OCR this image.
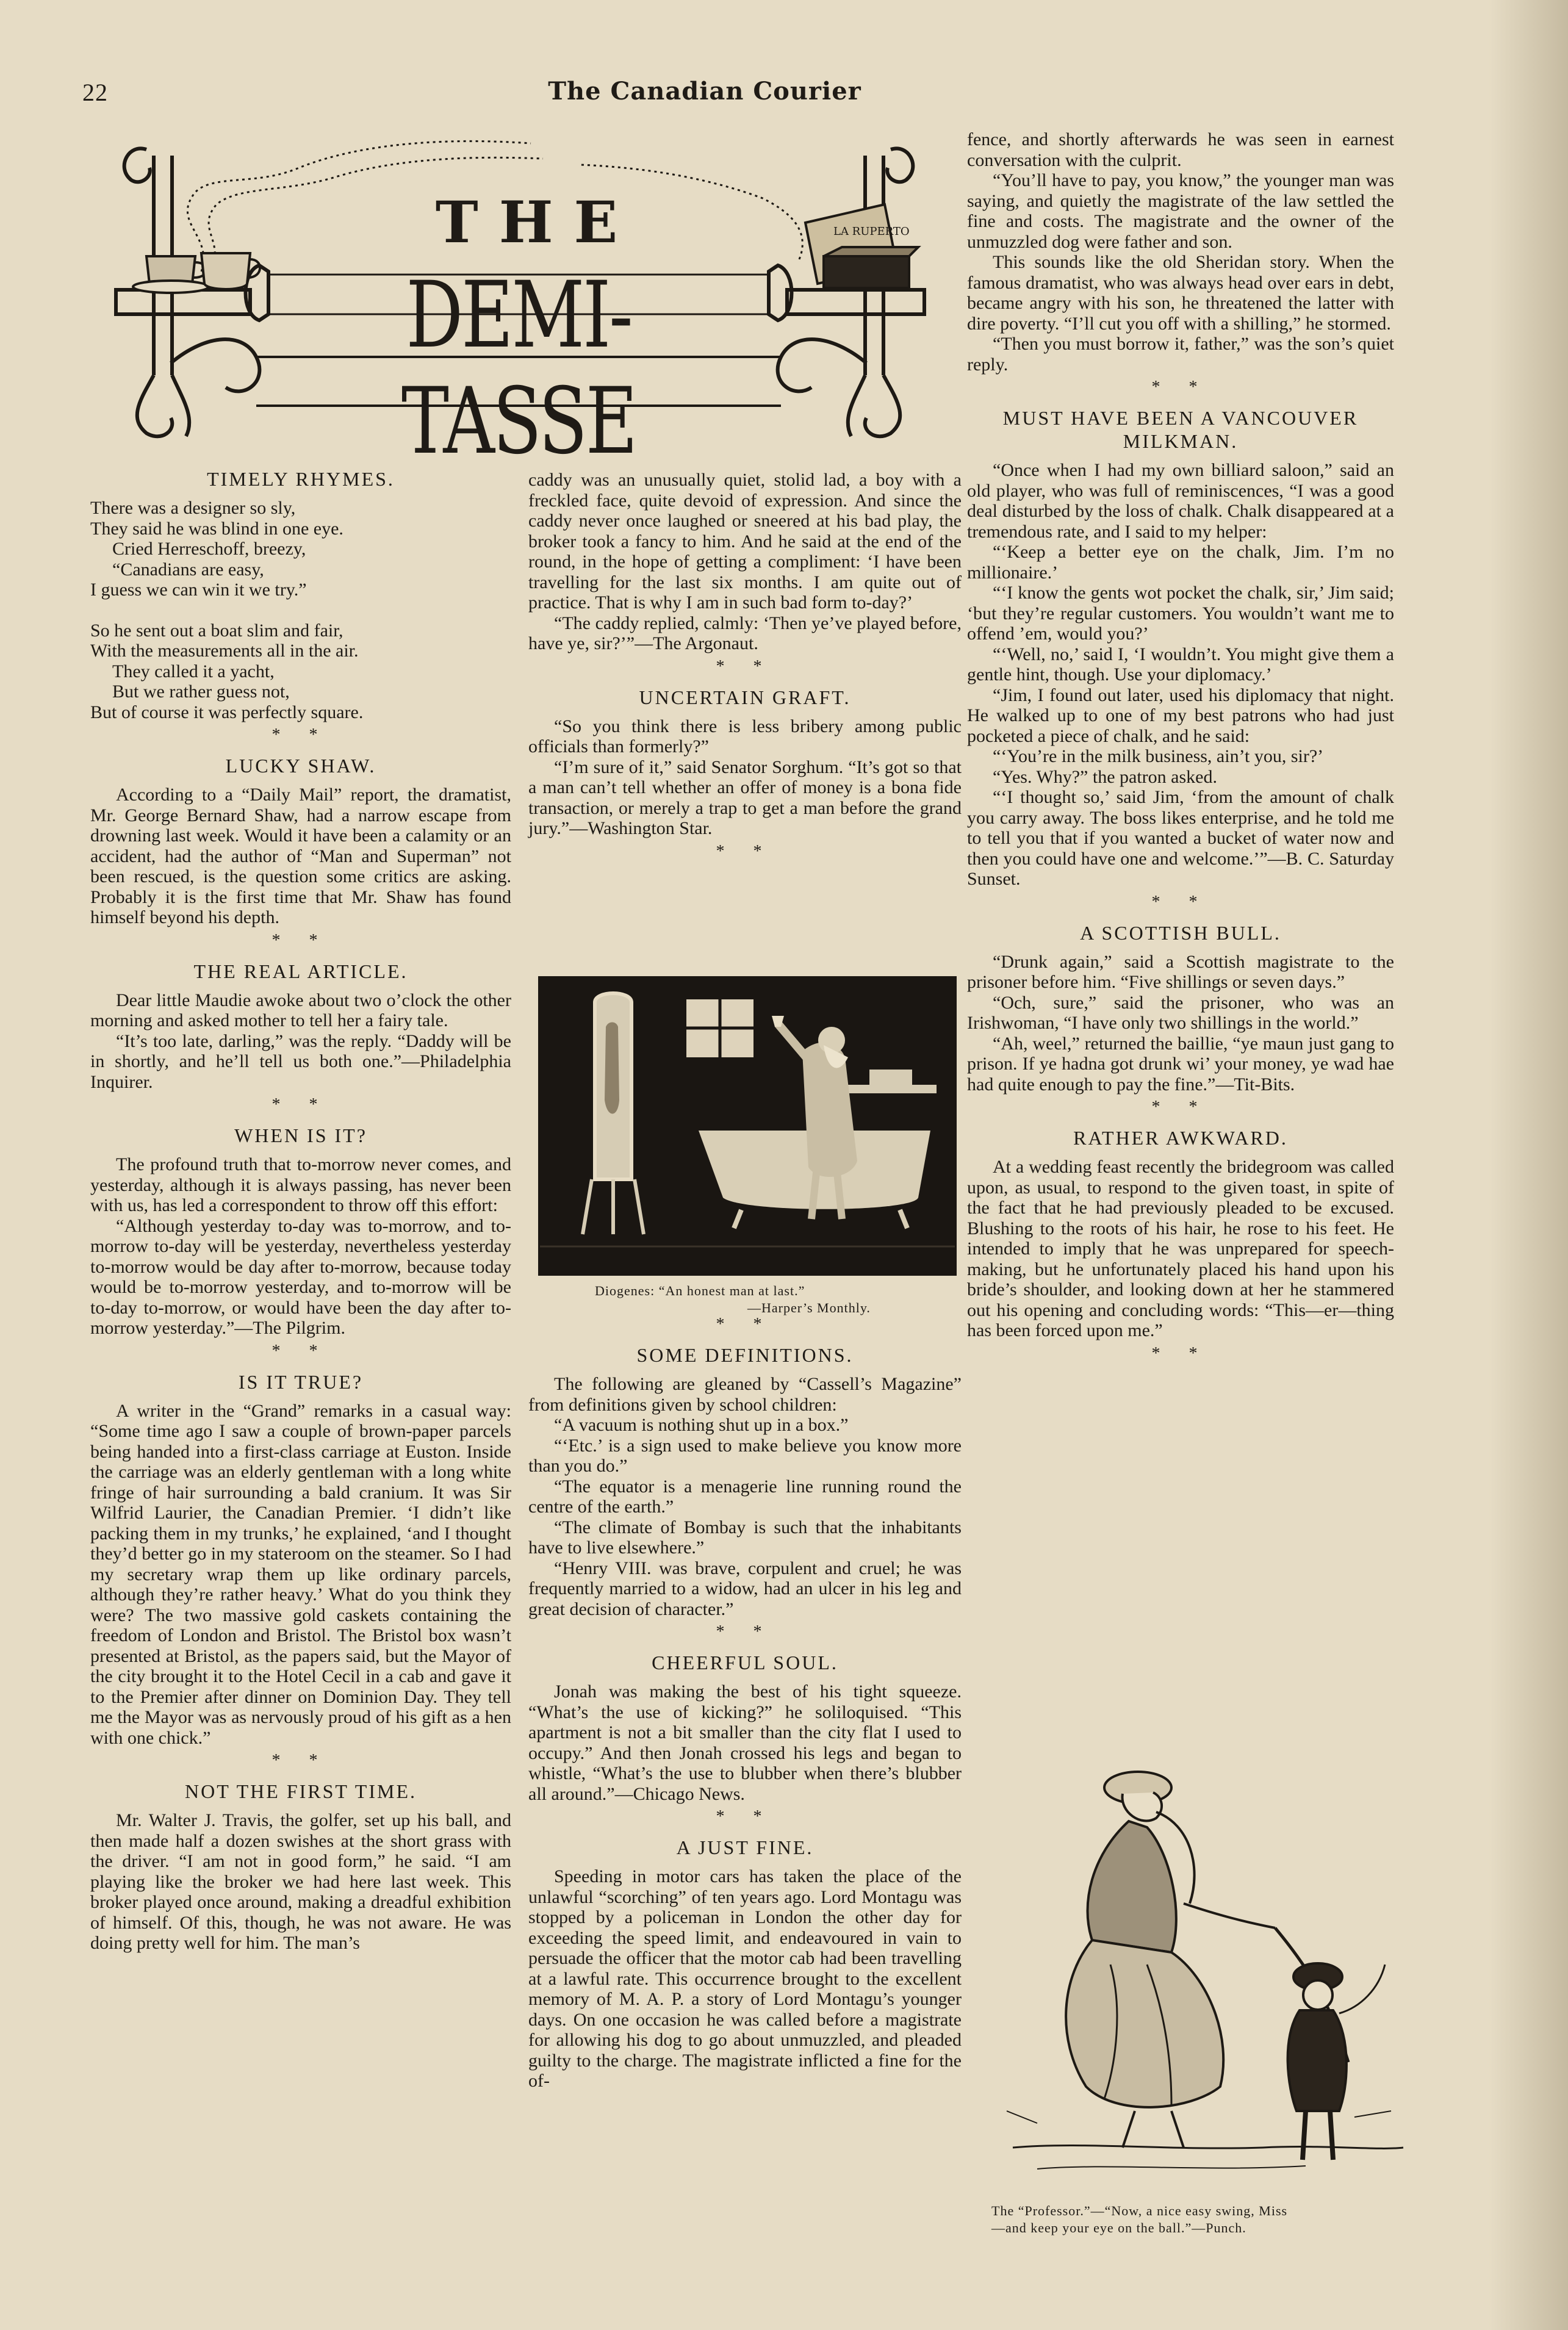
22	The Canadian Courier
LA RUPERTO
THE
DEMI-TASSE
TIMELY RHYMES.
There was a designer so sly,
They said he was blind in one eye.
Cried Herreschoff, breezy,
“Canadians are easy,
I guess we can win it we try.”
So he sent out a boat slim and fair,
With the measurements all in the air.
They called it a yacht,
But we rather guess not,
But of course it was perfectly square.
* *
LUCKY SHAW.

According to a “Daily Mail” report, the dramatist, Mr. George Bernard Shaw, had a narrow escape from drowning last week. Would it have been a calamity or an accident, had the author of “Man and Superman” not been rescued, is the question some critics are asking. Probably it is the first time that Mr. Shaw has found himself beyond his depth.

* *
THE REAL ARTICLE.

Dear little Maudie awoke about two o’clock the other morning and asked mother to tell her a fairy tale.

“It’s too late, darling,” was the reply. “Daddy will be in shortly, and he’ll tell us both one.”—Philadelphia Inquirer.

* *
WHEN IS IT?

The profound truth that to-morrow never comes, and yesterday, although it is always passing, has never been with us, has led a correspondent to throw off this effort:

“Although yesterday to-day was to-morrow, and to-morrow to-day will be yesterday, nevertheless yesterday to-morrow would be day after to-morrow, because today would be to-morrow yesterday, and to-morrow will be to-day to-morrow, or would have been the day after to-morrow yesterday.”—The Pilgrim.

* *
IS IT TRUE?

A writer in the “Grand” remarks in a casual way: “Some time ago I saw a couple of brown-paper parcels being handed into a first-class carriage at Euston. Inside the carriage was an elderly gentleman with a long white fringe of hair surrounding a bald cranium. It was Sir Wilfrid Laurier, the Canadian Premier. ‘I didn’t like packing them in my trunks,’ he explained, ‘and I thought they’d better go in my stateroom on the steamer. So I had my secretary wrap them up like ordinary parcels, although they’re rather heavy.’ What do you think they were? The two massive gold caskets containing the freedom of London and Bristol. The Bristol box wasn’t presented at Bristol, as the papers said, but the Mayor of the city brought it to the Hotel Cecil in a cab and gave it to the Premier after dinner on Dominion Day. They tell me the Mayor was as nervously proud of his gift as a hen with one chick.”

* *
NOT THE FIRST TIME.

Mr. Walter J. Travis, the golfer, set up his ball, and then made half a dozen swishes at the short grass with the driver. “I am not in good form,” he said. “I am playing like the broker we had here last week. This broker played once around, making a dreadful exhibition of himself. Of this, though, he was not aware. He was doing pretty well for him. The man’s

caddy was an unusually quiet, stolid lad, a boy with a freckled face, quite devoid of expression. And since the caddy never once laughed or sneered at his bad play, the broker took a fancy to him. And he said at the end of the round, in the hope of getting a compliment: ‘I have been travelling for the last six months. I am quite out of practice. That is why I am in such bad form to-day?’

“The caddy replied, calmly: ‘Then ye’ve played before, have ye, sir?’”—The Argonaut.

* *
UNCERTAIN GRAFT.

“So you think there is less bribery among public officials than formerly?”

“I’m sure of it,” said Senator Sorghum. “It’s got so that a man can’t tell whether an offer of money is a bona fide transaction, or merely a trap to get a man before the grand jury.”—Washington Star.

* *
* *
SOME DEFINITIONS.

The following are gleaned by “Cassell’s Magazine” from definitions given by school children:

“A vacuum is nothing shut up in a box.”

“‘Etc.’ is a sign used to make believe you know more than you do.”

“The equator is a menagerie line running round the centre of the earth.”

“The climate of Bombay is such that the inhabitants have to live elsewhere.”

“Henry VIII. was brave, corpulent and cruel; he was frequently married to a widow, had an ulcer in his leg and great decision of character.”

* *
CHEERFUL SOUL.

Jonah was making the best of his tight squeeze. “What’s the use of kicking?” he soliloquised. “This apartment is not a bit smaller than the city flat I used to occupy.” And then Jonah crossed his legs and began to whistle, “What’s the use to blubber when there’s blubber all around.”—Chicago News.

* *
A JUST FINE.

Speeding in motor cars has taken the place of the unlawful “scorching” of ten years ago. Lord Montagu was stopped by a policeman in London the other day for exceeding the speed limit, and endeavoured in vain to persuade the officer that the motor cab had been travelling at a lawful rate. This occurrence brought to the excellent memory of M. A. P. a story of Lord Montagu’s younger days. On one occasion he was called before a magistrate for allowing his dog to go about unmuzzled, and pleaded guilty to the charge. The magistrate inflicted a fine for the of-

Diogenes: “An honest man at last.”
—Harper’s Monthly.

fence, and shortly afterwards he was seen in earnest conversation with the culprit.

“You’ll have to pay, you know,” the younger man was saying, and quietly the magistrate of the law settled the fine and costs. The magistrate and the owner of the unmuzzled dog were father and son.

This sounds like the old Sheridan story. When the famous dramatist, who was always head over ears in debt, became angry with his son, he threatened the latter with dire poverty. “I’ll cut you off with a shilling,” he stormed.

“Then you must borrow it, father,” was the son’s quiet reply.

* *
MUST HAVE BEEN A VANCOUVER MILKMAN.

“Once when I had my own billiard saloon,” said an old player, who was full of reminiscences, “I was a good deal disturbed by the loss of chalk. Chalk disappeared at a tremendous rate, and I said to my helper:

“‘Keep a better eye on the chalk, Jim. I’m no millionaire.’

“‘I know the gents wot pocket the chalk, sir,’ Jim said; ‘but they’re regular customers. You wouldn’t want me to offend ’em, would you?’

“‘Well, no,’ said I, ‘I wouldn’t. You might give them a gentle hint, though. Use your diplomacy.’

“Jim, I found out later, used his diplomacy that night. He walked up to one of my best patrons who had just pocketed a piece of chalk, and he said:

“‘You’re in the milk business, ain’t you, sir?’

“Yes. Why?” the patron asked.

“‘I thought so,’ said Jim, ‘from the amount of chalk you carry away. The boss likes enterprise, and he told me to tell you that if you wanted a bucket of water now and then you could have one and welcome.’”—B. C. Saturday Sunset.

* *
A SCOTTISH BULL.

“Drunk again,” said a Scottish magistrate to the prisoner before him. “Five shillings or seven days.”

“Och, sure,” said the prisoner, who was an Irishwoman, “I have only two shillings in the world.”

“Ah, weel,” returned the baillie, “ye maun just gang to prison. If ye hadna got drunk wi’ your money, ye wad hae had quite enough to pay the fine.”—Tit-Bits.

* *
RATHER AWKWARD.

At a wedding feast recently the bridegroom was called upon, as usual, to respond to the given toast, in spite of the fact that he had previously pleaded to be excused. Blushing to the roots of his hair, he rose to his feet. He intended to imply that he was unprepared for speech-making, but he unfortunately placed his hand upon his bride’s shoulder, and looking down at her he stammered out his opening and concluding words: “This—er—thing has been forced upon me.”

* *
The “Professor.”—“Now, a nice easy swing, Miss
—and keep your eye on the ball.”—Punch.
